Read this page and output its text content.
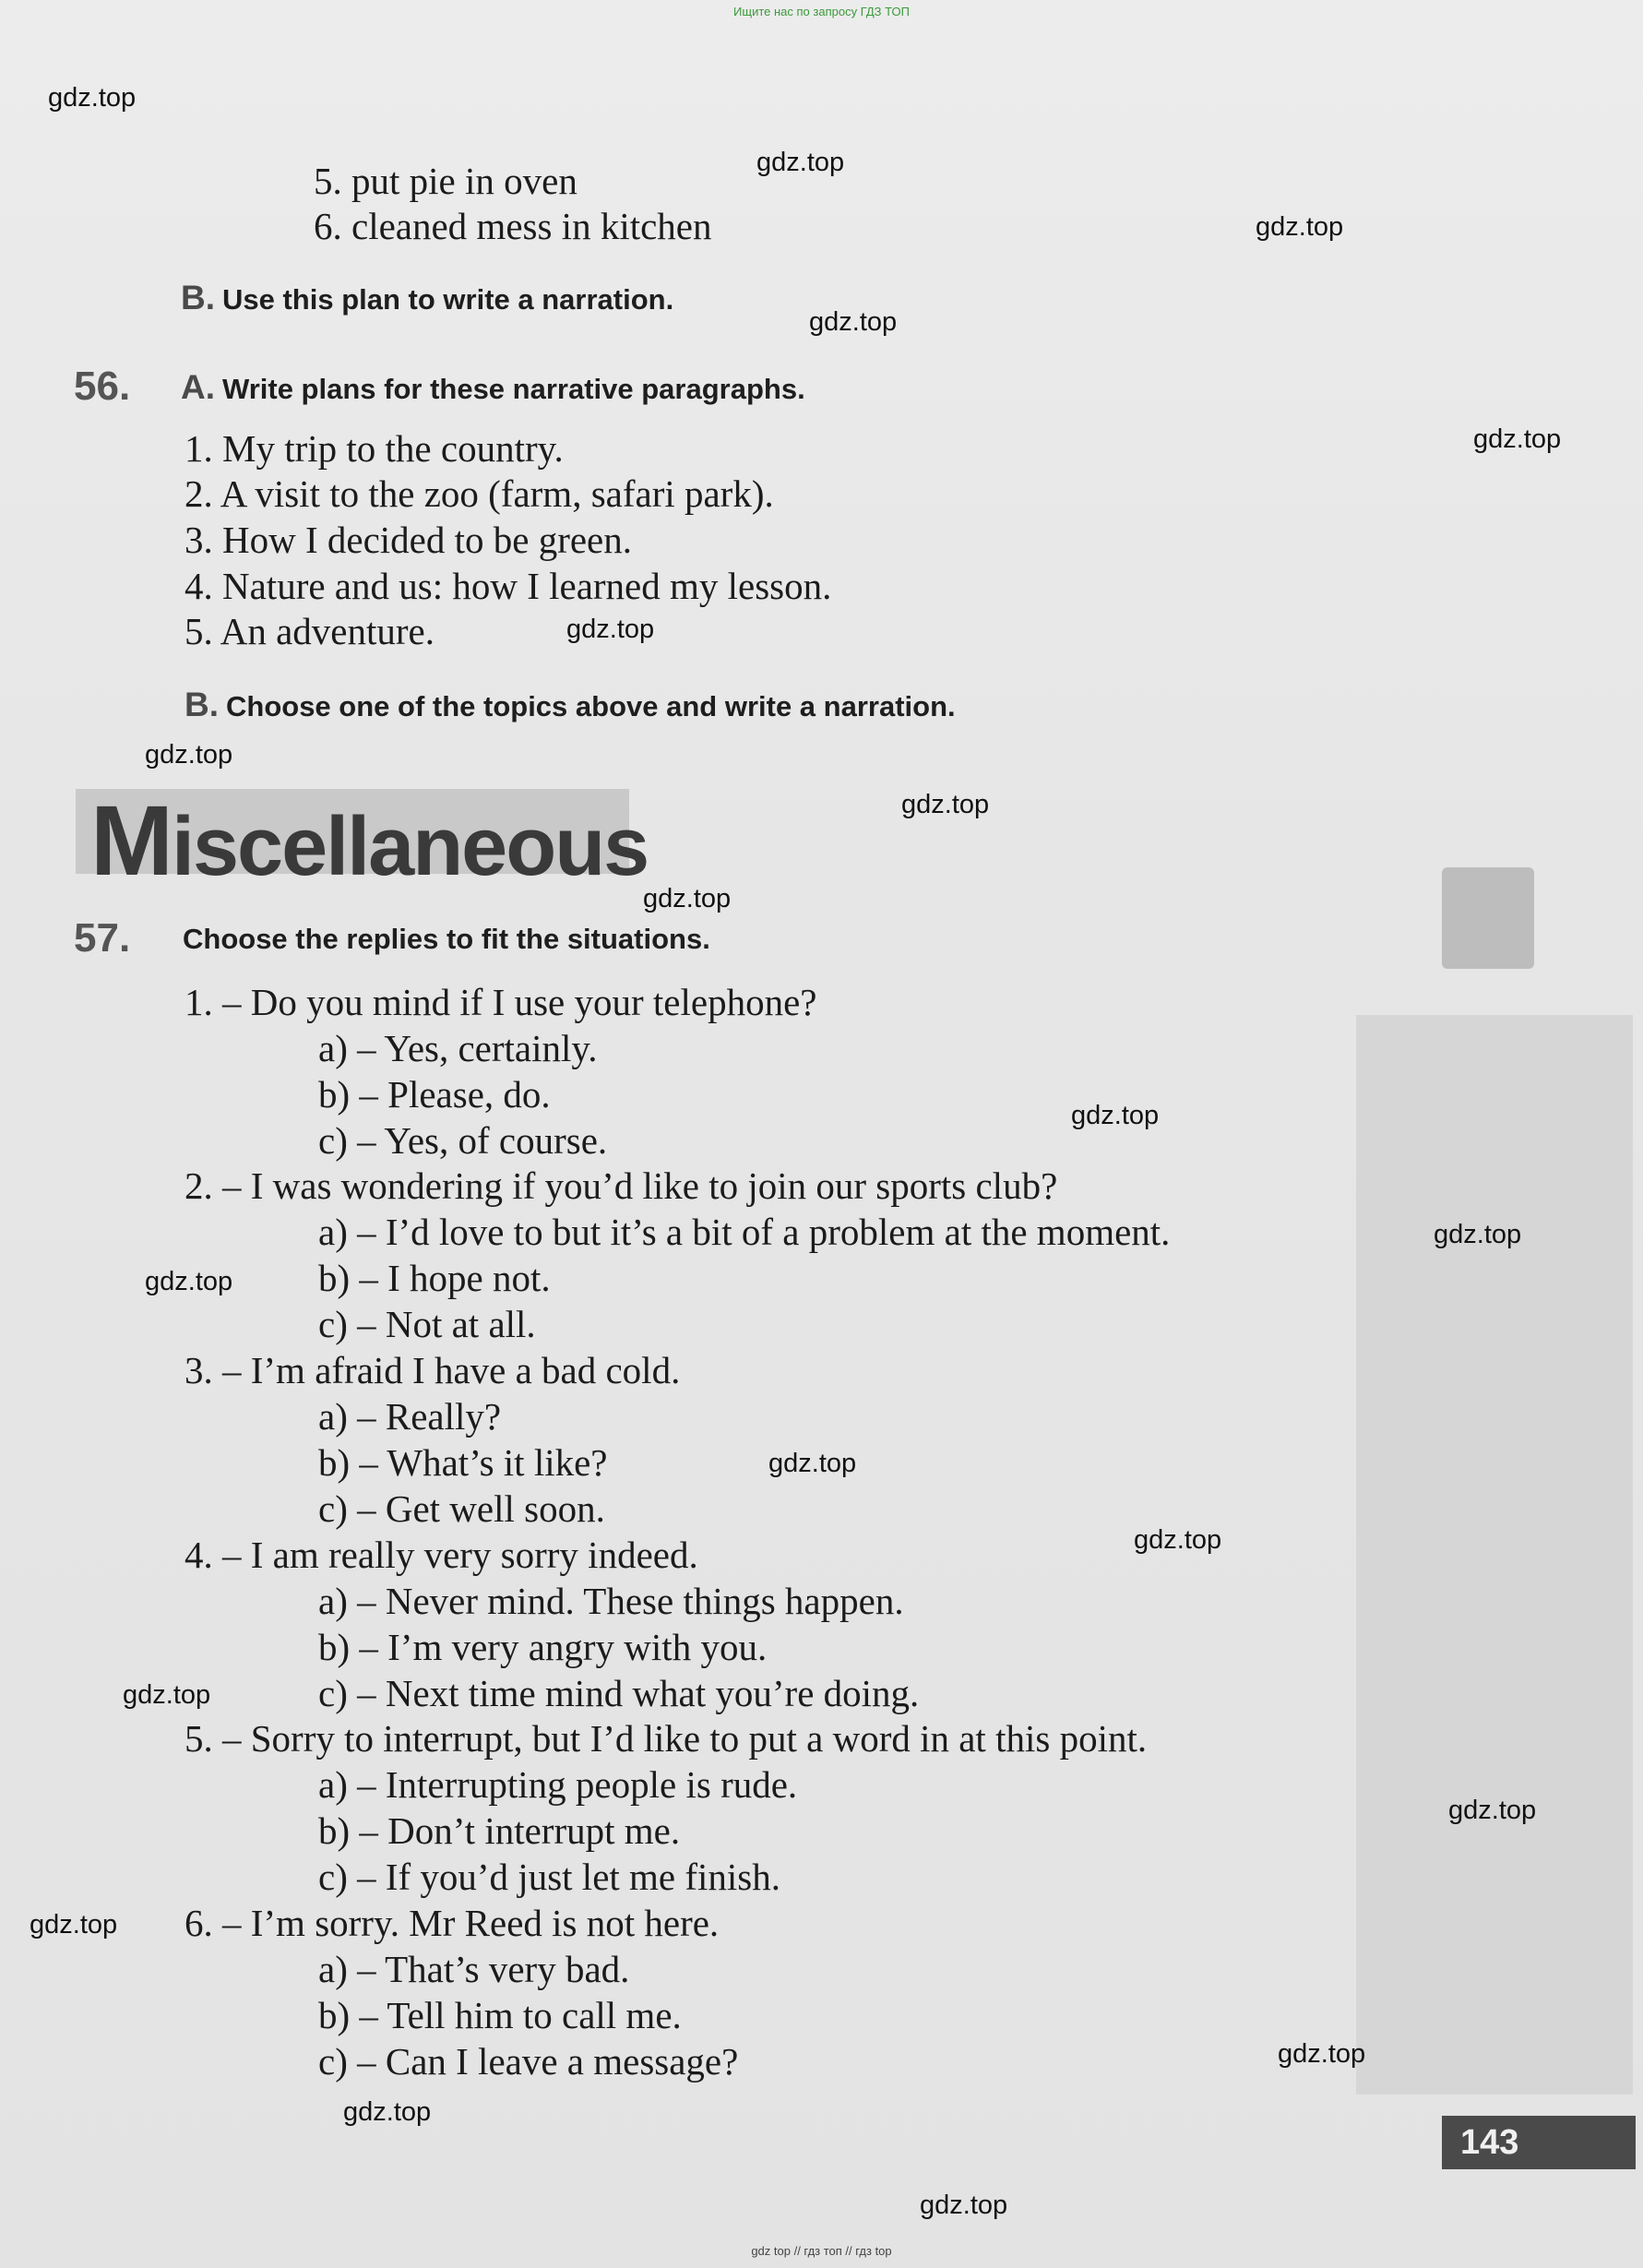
Ищите нас по запросу ГДЗ ТОП
gdz.top
gdz.top
gdz.top
gdz.top
gdz.top
gdz.top
gdz.top
gdz.top
gdz.top
gdz.top
gdz.top
gdz.top
gdz.top
gdz.top
gdz.top
gdz.top
gdz.top
gdz.top
gdz.top
gdz.top
5. put pie in oven
6. cleaned mess in kitchen
B. Use this plan to write a narration.
56. A. Write plans for these narrative paragraphs.
1. My trip to the country.
2. A visit to the zoo (farm, safari park).
3. How I decided to be green.
4. Nature and us: how I learned my lesson.
5. An adventure.
B. Choose one of the topics above and write a narration.
Miscellaneous
57. Choose the replies to fit the situations.
1. – Do you mind if I use your telephone?
a) – Yes, certainly.
b) – Please, do.
c) – Yes, of course.
2. – I was wondering if you’d like to join our sports club?
a) – I’d love to but it’s a bit of a problem at the moment.
b) – I hope not.
c) – Not at all.
3. – I’m afraid I have a bad cold.
a) – Really?
b) – What’s it like?
c) – Get well soon.
4. – I am really very sorry indeed.
a) – Never mind. These things happen.
b) – I’m very angry with you.
c) – Next time mind what you’re doing.
5. – Sorry to interrupt, but I’d like to put a word in at this point.
a) – Interrupting people is rude.
b) – Don’t interrupt me.
c) – If you’d just let me finish.
6. – I’m sorry. Mr Reed is not here.
a) – That’s very bad.
b) – Tell him to call me.
c) – Can I leave a message?
143
gdz top // гдз топ // гдз top
